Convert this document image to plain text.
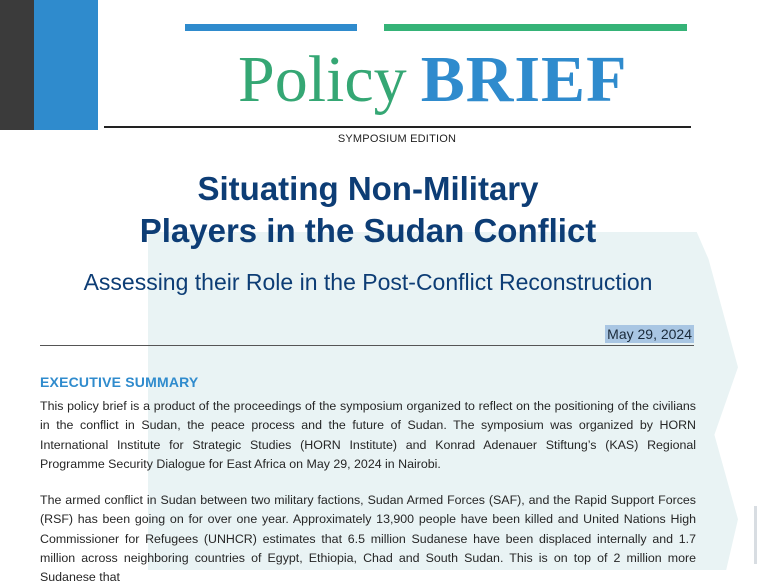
Policy BRIEF
SYMPOSIUM EDITION
Situating Non-Military
Players in the Sudan Conflict
Assessing their Role in the Post-Conflict Reconstruction
May 29, 2024
EXECUTIVE SUMMARY

This policy brief is a product of the proceedings of the symposium organized to reflect on the positioning of the civilians in the conflict in Sudan, the peace process and the future of Sudan. The symposium was organized by HORN International Institute for Strategic Studies (HORN Institute) and Konrad Adenauer Stiftung’s (KAS) Regional Programme Security Dialogue for East Africa on May 29, 2024 in Nairobi.

The armed conflict in Sudan between two military factions, Sudan Armed Forces (SAF), and the Rapid Support Forces (RSF) has been going on for over one year. Approximately 13,900 people have been killed and United Nations High Commissioner for Refugees (UNHCR) estimates that 6.5 million Sudanese have been displaced internally and 1.7 million across neighboring countries of Egypt, Ethiopia, Chad and South Sudan. This is on top of 2 million more Sudanese that
